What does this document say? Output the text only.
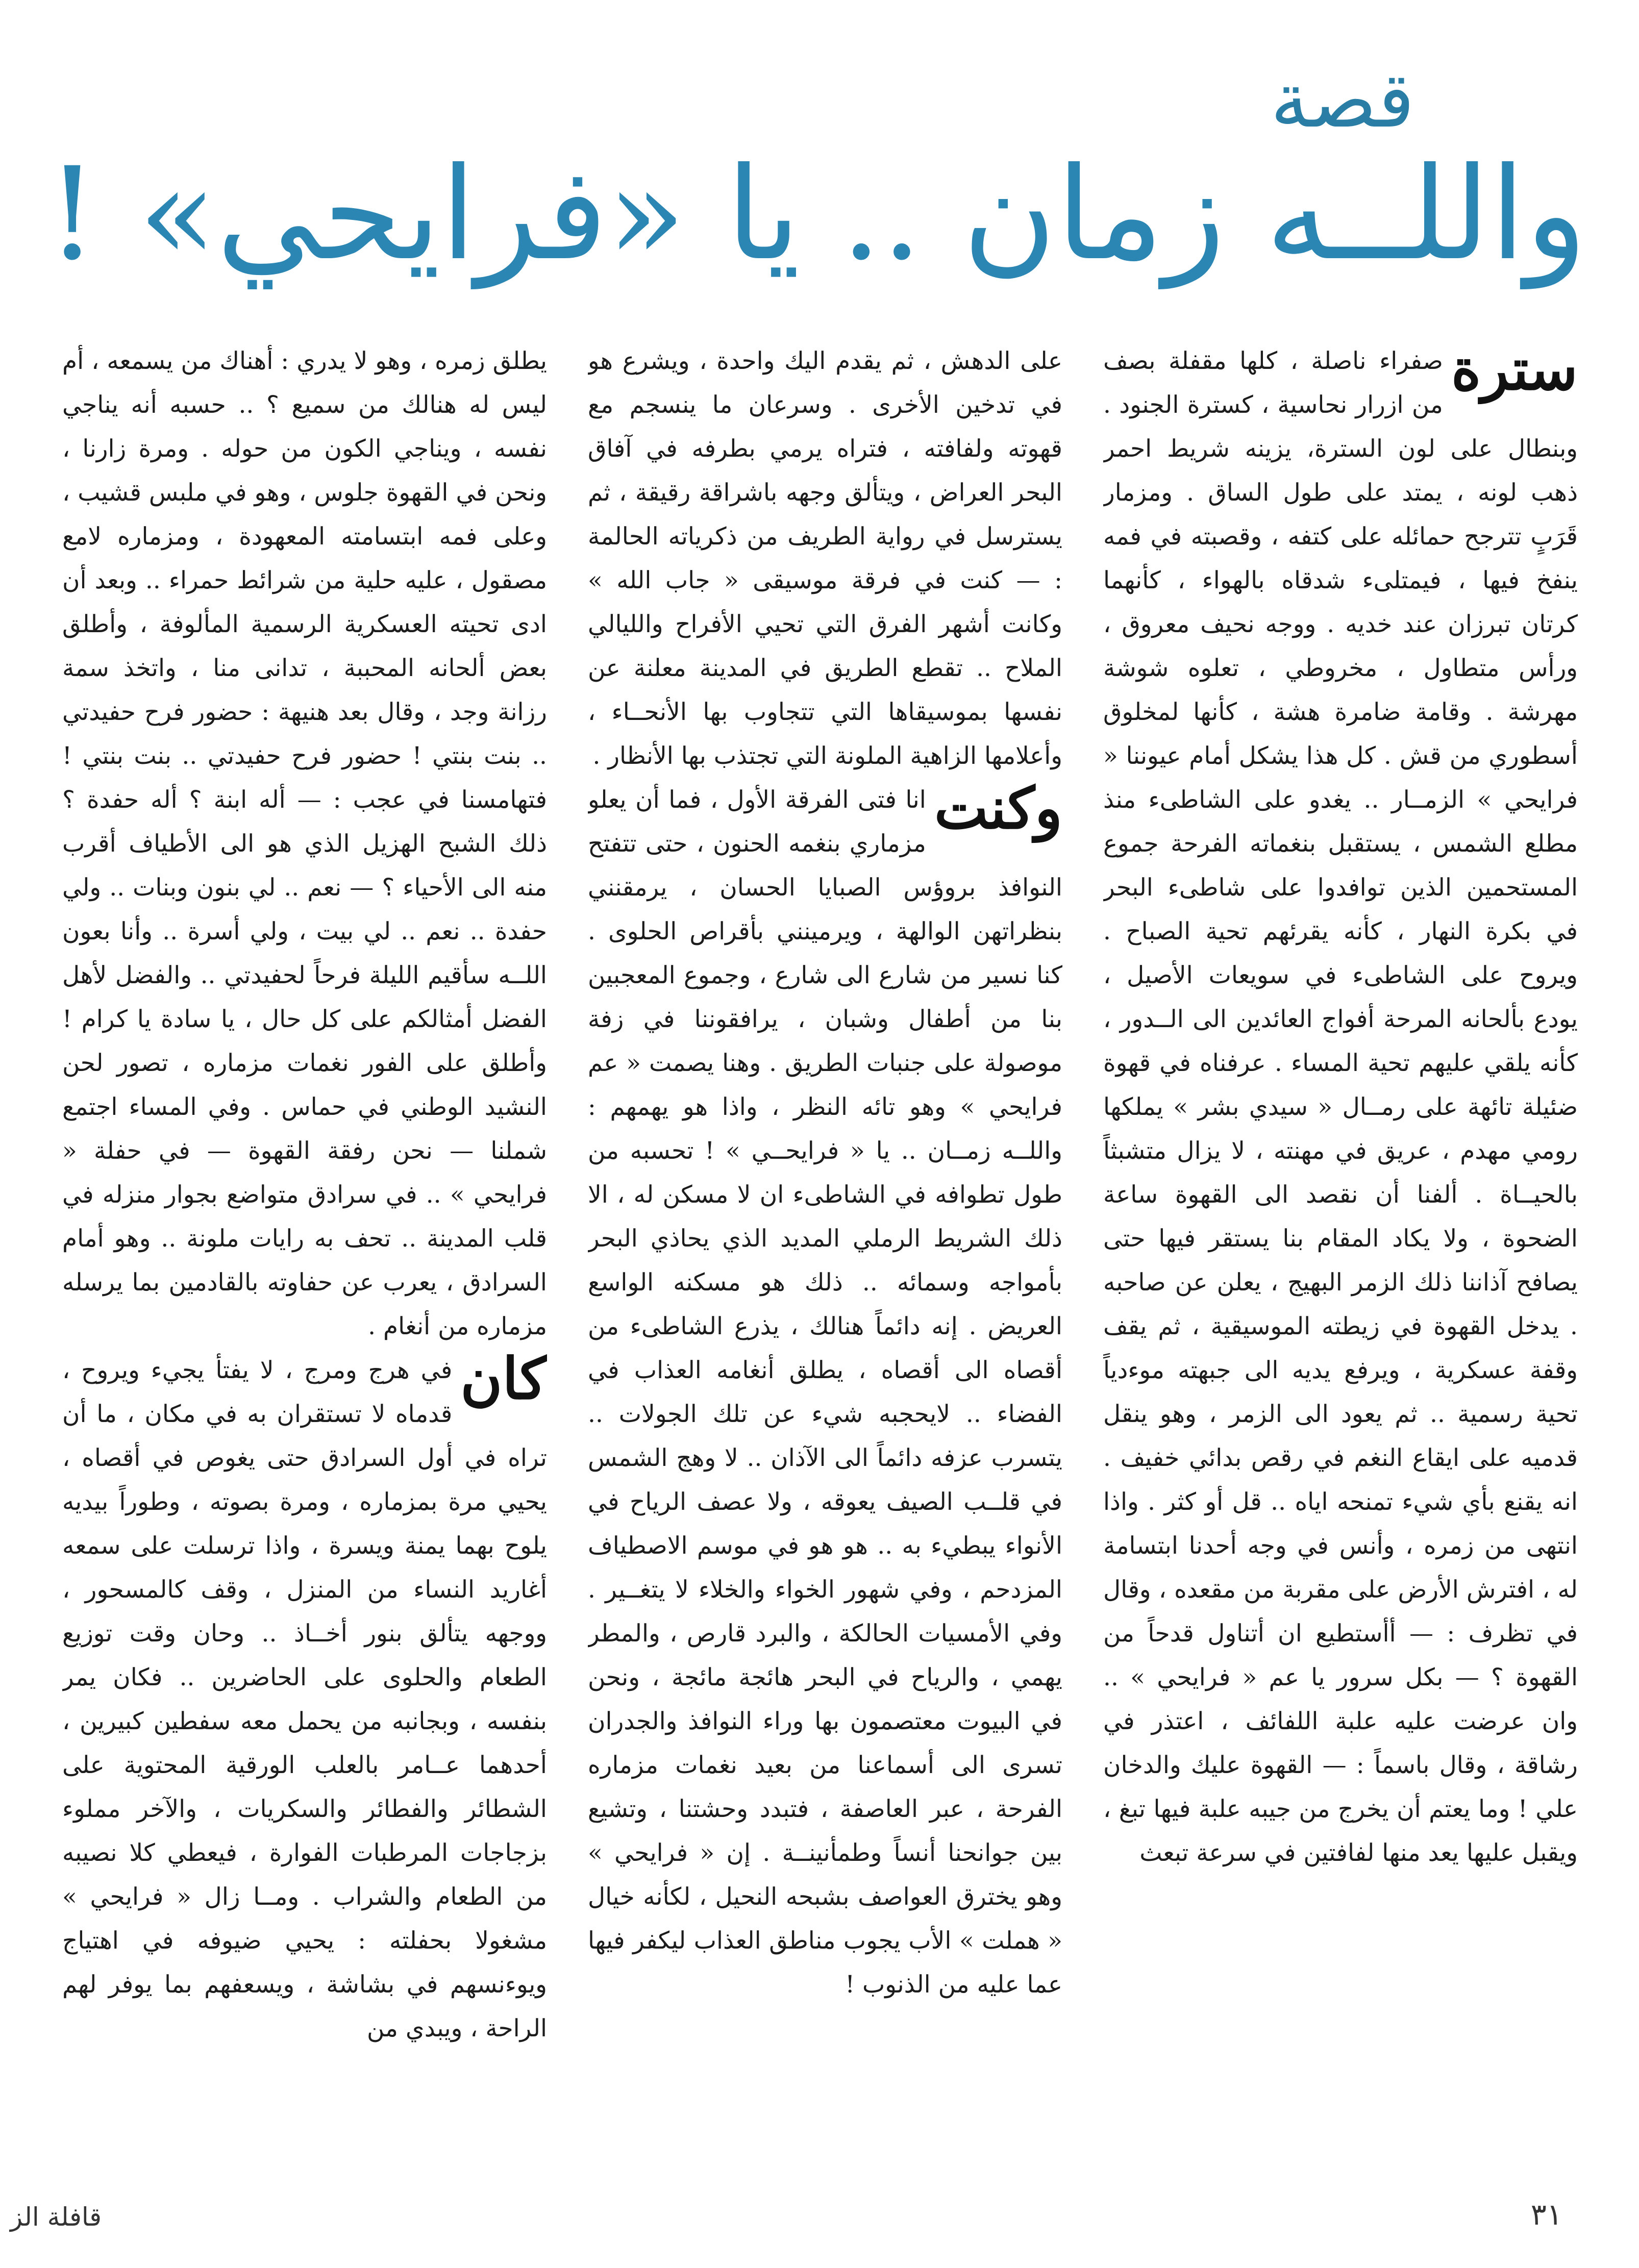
قصة
واللــه زمان .. يا «فرايحي» !
سترة

صفراء ناصلة ، كلها مقفلة بصف من ازرار نحاسية ، كسترة الجنود . وبنطال على لون السترة، يزينه شريط احمر ذهب لونه ، يمتد على طول الساق . ومزمار قَرَبٍ تترجح حمائله على كتفه ، وقصبته في فمه ينفخ فيها ، فيمتلىء شدقاه بالهواء ، كأنهما كرتان تبرزان عند خديه . ووجه نحيف معروق ، ورأس متطاول ، مخروطي ، تعلوه شوشة مهرشة . وقامة ضامرة هشة ، كأنها لمخلوق أسطوري من قش . كل هذا يشكل أمام عيوننا « فرايحي » الزمــار .. يغدو على الشاطىء منذ مطلع الشمس ، يستقبل بنغماته الفرحة جموع المستحمين الذين توافدوا على شاطىء البحر في بكرة النهار ، كأنه يقرئهم تحية الصباح . ويروح على الشاطىء في سويعات الأصيل ، يودع بألحانه المرحة أفواج العائدين الى الــدور ، كأنه يلقي عليهم تحية المساء . عرفناه في قهوة ضئيلة تائهة على رمــال « سيدي بشر » يملكها رومي مهدم ، عريق في مهنته ، لا يزال متشبثاً بالحيــاة . ألفنا أن نقصد الى القهوة ساعة الضحوة ، ولا يكاد المقام بنا يستقر فيها حتى يصافح آذاننا ذلك الزمر البهيج ، يعلن عن صاحبه . يدخل القهوة في زيطته الموسيقية ، ثم يقف وقفة عسكرية ، ويرفع يديه الى جبهته موءدياً تحية رسمية .. ثم يعود الى الزمر ، وهو ينقل قدميه على ايقاع النغم في رقص بدائي خفيف . انه يقنع بأي شيء تمنحه اياه .. قل أو كثر . واذا انتهى من زمره ، وأنس في وجه أحدنا ابتسامة له ، افترش الأرض على مقربة من مقعده ، وقال في تظرف : — أأستطيع ان أتناول قدحاً من القهوة ؟ — بكل سرور يا عم « فرايحي » .. وان عرضت عليه علبة اللفائف ، اعتذر في رشاقة ، وقال باسماً : — القهوة عليك والدخان علي ! وما يعتم أن يخرج من جيبه علبة فيها تبغ ، ويقبل عليها يعد منها لفافتين في سرعة تبعث

على الدهش ، ثم يقدم اليك واحدة ، ويشرع هو في تدخين الأخرى . وسرعان ما ينسجم مع قهوته ولفافته ، فتراه يرمي بطرفه في آفاق البحر العراض ، ويتألق وجهه باشراقة رقيقة ، ثم يسترسل في رواية الطريف من ذكرياته الحالمة : — كنت في فرقة موسيقى « جاب الله » وكانت أشهر الفرق التي تحيي الأفراح والليالي الملاح .. تقطع الطريق في المدينة معلنة عن نفسها بموسيقاها التي تتجاوب بها الأنحــاء ، وأعلامها الزاهية الملونة التي تجتذب بها الأنظار .

وكنت

انا فتى الفرقة الأول ، فما أن يعلو مزماري بنغمه الحنون ، حتى تتفتح النوافذ بروؤس الصبايا الحسان ، يرمقنني بنظراتهن الوالهة ، ويرمينني بأقراص الحلوى . كنا نسير من شارع الى شارع ، وجموع المعجبين بنا من أطفال وشبان ، يرافقوننا في زفة موصولة على جنبات الطريق . وهنا يصمت « عم فرايحي » وهو تائه النظر ، واذا هو يهمهم : واللــه زمــان .. يا « فرايحــي » ! تحسبه من طول تطوافه في الشاطىء ان لا مسكن له ، الا ذلك الشريط الرملي المديد الذي يحاذي البحر بأمواجه وسمائه .. ذلك هو مسكنه الواسع العريض . إنه دائماً هنالك ، يذرع الشاطىء من أقصاه الى أقصاه ، يطلق أنغامه العذاب في الفضاء .. لايحجبه شيء عن تلك الجولات .. يتسرب عزفه دائماً الى الآذان .. لا وهج الشمس في قلــب الصيف يعوقه ، ولا عصف الرياح في الأنواء يبطيء به .. هو هو في موسم الاصطياف المزدحم ، وفي شهور الخواء والخلاء لا يتغــير . وفي الأمسيات الحالكة ، والبرد قارص ، والمطر يهمي ، والرياح في البحر هائجة مائجة ، ونحن في البيوت معتصمون بها وراء النوافذ والجدران تسرى الى أسماعنا من بعيد نغمات مزماره الفرحة ، عبر العاصفة ، فتبدد وحشتنا ، وتشيع بين جوانحنا أنساً وطمأنينــة . إن « فرايحي » وهو يخترق العواصف بشبحه النحيل ، لكأنه خيال « هملت » الأب يجوب مناطق العذاب ليكفر فيها عما عليه من الذنوب !

يطلق زمره ، وهو لا يدري : أهناك من يسمعه ، أم ليس له هنالك من سميع ؟ .. حسبه أنه يناجي نفسه ، ويناجي الكون من حوله . ومرة زارنا ، ونحن في القهوة جلوس ، وهو في ملبس قشيب ، وعلى فمه ابتسامته المعهودة ، ومزماره لامع مصقول ، عليه حلية من شرائط حمراء .. وبعد أن ادى تحيته العسكرية الرسمية المألوفة ، وأطلق بعض ألحانه المحببة ، تدانى منا ، واتخذ سمة رزانة وجد ، وقال بعد هنيهة : حضور فرح حفيدتي .. بنت بنتي ! حضور فرح حفيدتي .. بنت بنتي ! فتهامسنا في عجب : — أله ابنة ؟ أله حفدة ؟ ذلك الشبح الهزيل الذي هو الى الأطياف أقرب منه الى الأحياء ؟ — نعم .. لي بنون وبنات .. ولي حفدة .. نعم .. لي بيت ، ولي أسرة .. وأنا بعون اللــه سأقيم الليلة فرحاً لحفيدتي .. والفضل لأهل الفضل أمثالكم على كل حال ، يا سادة يا كرام ! وأطلق على الفور نغمات مزماره ، تصور لحن النشيد الوطني في حماس . وفي المساء اجتمع شملنا — نحن رفقة القهوة — في حفلة « فرايحي » .. في سرادق متواضع بجوار منزله في قلب المدينة .. تحف به رايات ملونة .. وهو أمام السرادق ، يعرب عن حفاوته بالقادمين بما يرسله مزماره من أنغام .

كان

في هرج ومرج ، لا يفتأ يجيء ويروح ، قدماه لا تستقران به في مكان ، ما أن تراه في أول السرادق حتى يغوص في أقصاه ، يحيي مرة بمزماره ، ومرة بصوته ، وطوراً بيديه يلوح بهما يمنة ويسرة ، واذا ترسلت على سمعه أغاريد النساء من المنزل ، وقف كالمسحور ، ووجهه يتألق بنور أخــاذ .. وحان وقت توزيع الطعام والحلوى على الحاضرين .. فكان يمر بنفسه ، وبجانبه من يحمل معه سفطين كبيرين ، أحدهما عــامر بالعلب الورقية المحتوية على الشطائر والفطائر والسكريات ، والآخر مملوء بزجاجات المرطبات الفوارة ، فيعطي كلا نصيبه من الطعام والشراب . ومــا زال « فرايحي » مشغولا بحفلته : يحيي ضيوفه في اهتياج ويوءنسهم في بشاشة ، ويسعفهم بما يوفر لهم الراحة ، ويبدي من

٣١
قافلة الز
